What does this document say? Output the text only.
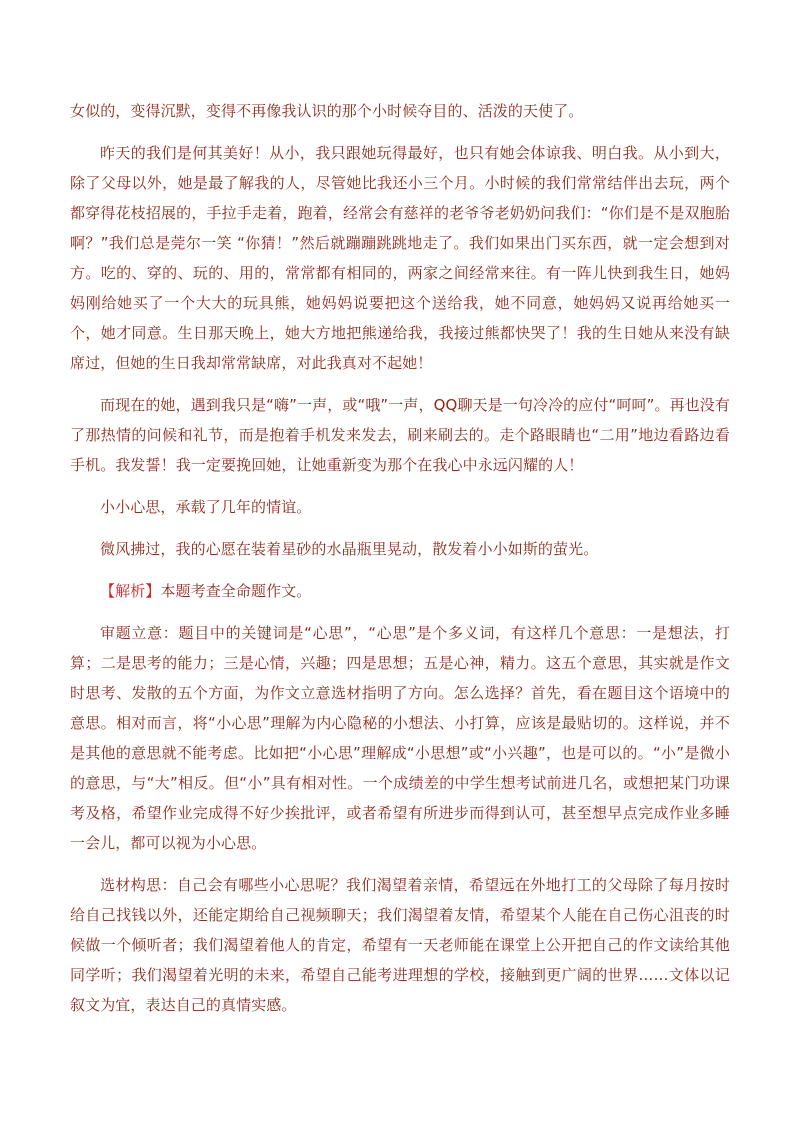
女似的，变得沉默，变得不再像我认识的那个小时候夺目的、活泼的天使了。

昨天的我们是何其美好！从小，我只跟她玩得最好，也只有她会体谅我、明白我。从小到大，除了父母以外，她是最了解我的人，尽管她比我还小三个月。小时候的我们常常结伴出去玩，两个都穿得花枝招展的，手拉手走着，跑着，经常会有慈祥的老爷爷老奶奶问我们：“你们是不是双胞胎啊？”我们总是莞尔一笑 “你猜！”然后就蹦蹦跳跳地走了。我们如果出门买东西，就一定会想到对方。吃的、穿的、玩的、用的，常常都有相同的，两家之间经常来往。有一阵儿快到我生日，她妈妈刚给她买了一个大大的玩具熊，她妈妈说要把这个送给我，她不同意，她妈妈又说再给她买一个，她才同意。生日那天晚上，她大方地把熊递给我，我接过熊都快哭了！我的生日她从来没有缺席过，但她的生日我却常常缺席，对此我真对不起她！

而现在的她，遇到我只是“嗨”一声，或“哦”一声，QQ聊天是一句冷冷的应付“呵呵”。再也没有了那热情的问候和礼节，而是抱着手机发来发去，刷来刷去的。走个路眼睛也“二用”地边看路边看手机。我发誓！我一定要挽回她，让她重新变为那个在我心中永远闪耀的人！

小小心思，承载了几年的情谊。

微风拂过，我的心愿在装着星砂的水晶瓶里晃动，散发着小小如斯的萤光。

【解析】本题考查全命题作文。

审题立意：题目中的关键词是“心思”，“心思”是个多义词，有这样几个意思：一是想法，打算；二是思考的能力；三是心情，兴趣；四是思想；五是心神，精力。这五个意思，其实就是作文时思考、发散的五个方面，为作文立意选材指明了方向。怎么选择？首先，看在题目这个语境中的意思。相对而言，将“小心思”理解为内心隐秘的小想法、小打算，应该是最贴切的。这样说，并不是其他的意思就不能考虑。比如把“小心思”理解成“小思想”或“小兴趣”，也是可以的。“小”是微小的意思，与“大”相反。但“小”具有相对性。一个成绩差的中学生想考试前进几名，或想把某门功课考及格，希望作业完成得不好少挨批评，或者希望有所进步而得到认可，甚至想早点完成作业多睡一会儿，都可以视为小心思。

选材构思：自己会有哪些小心思呢？我们渴望着亲情，希望远在外地打工的父母除了每月按时给自己找钱以外，还能定期给自己视频聊天；我们渴望着友情，希望某个人能在自己伤心沮丧的时候做一个倾听者；我们渴望着他人的肯定，希望有一天老师能在课堂上公开把自己的作文读给其他同学听；我们渴望着光明的未来，希望自己能考进理想的学校，接触到更广阔的世界……文体以记叙文为宜，表达自己的真情实感。
